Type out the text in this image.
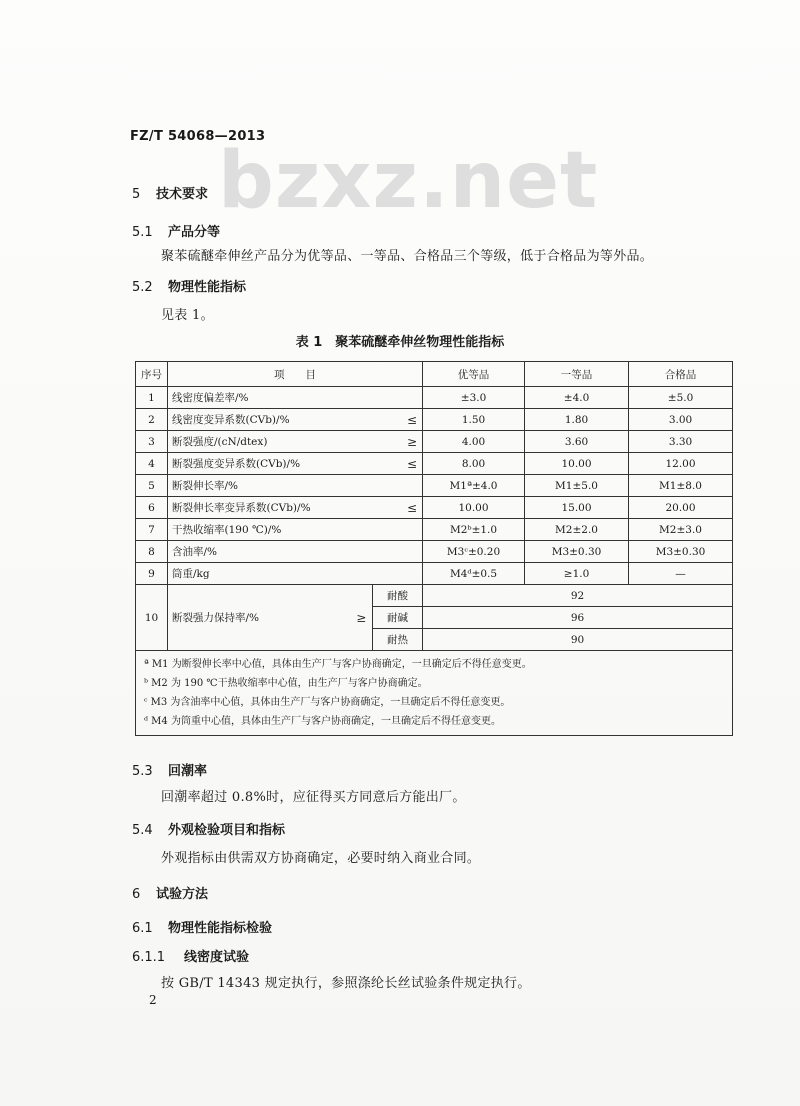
FZ/T 54068—2013
bzxz.net
5 技术要求
5.1 产品分等
聚苯硫醚牵伸丝产品分为优等品、一等品、合格品三个等级，低于合格品为等外品。
5.2 物理性能指标
见表 1。
表 1　聚苯硫醚牵伸丝物理性能指标
序号	项　　目			优等品	一等品	合格品
1	线密度偏差率/%			±3.0	±4.0	±5.0
2	线密度变异系数(CVb)/%		≤	1.50	1.80	3.00
3	断裂强度/(cN/dtex)		≥	4.00	3.60	3.30
4	断裂强度变异系数(CVb)/%		≤	8.00	10.00	12.00
5	断裂伸长率/%			M1ª±4.0	M1±5.0	M1±8.0
6	断裂伸长率变异系数(CVb)/%		≤	10.00	15.00	20.00
7	干热收缩率(190 ℃)/%			M2ᵇ±1.0	M2±2.0	M2±3.0
8	含油率/%			M3ᶜ±0.20	M3±0.30	M3±0.30
9	筒重/kg			M4ᵈ±0.5	≥1.0	—
10	断裂强力保持率/%	≥	耐酸	92		
			耐碱	96		
			耐热	90		

ª M1 为断裂伸长率中心值，具体由生产厂与客户协商确定，一旦确定后不得任意变更。
ᵇ M2 为 190 ℃干热收缩率中心值，由生产厂与客户协商确定。
ᶜ M3 为含油率中心值，具体由生产厂与客户协商确定，一旦确定后不得任意变更。
ᵈ M4 为筒重中心值，具体由生产厂与客户协商确定，一旦确定后不得任意变更。						
5.3 回潮率
回潮率超过 0.8%时，应征得买方同意后方能出厂。
5.4 外观检验项目和指标
外观指标由供需双方协商确定，必要时纳入商业合同。
6 试验方法
6.1 物理性能指标检验
6.1.1 线密度试验
按 GB/T 14343 规定执行，参照涤纶长丝试验条件规定执行。
2
